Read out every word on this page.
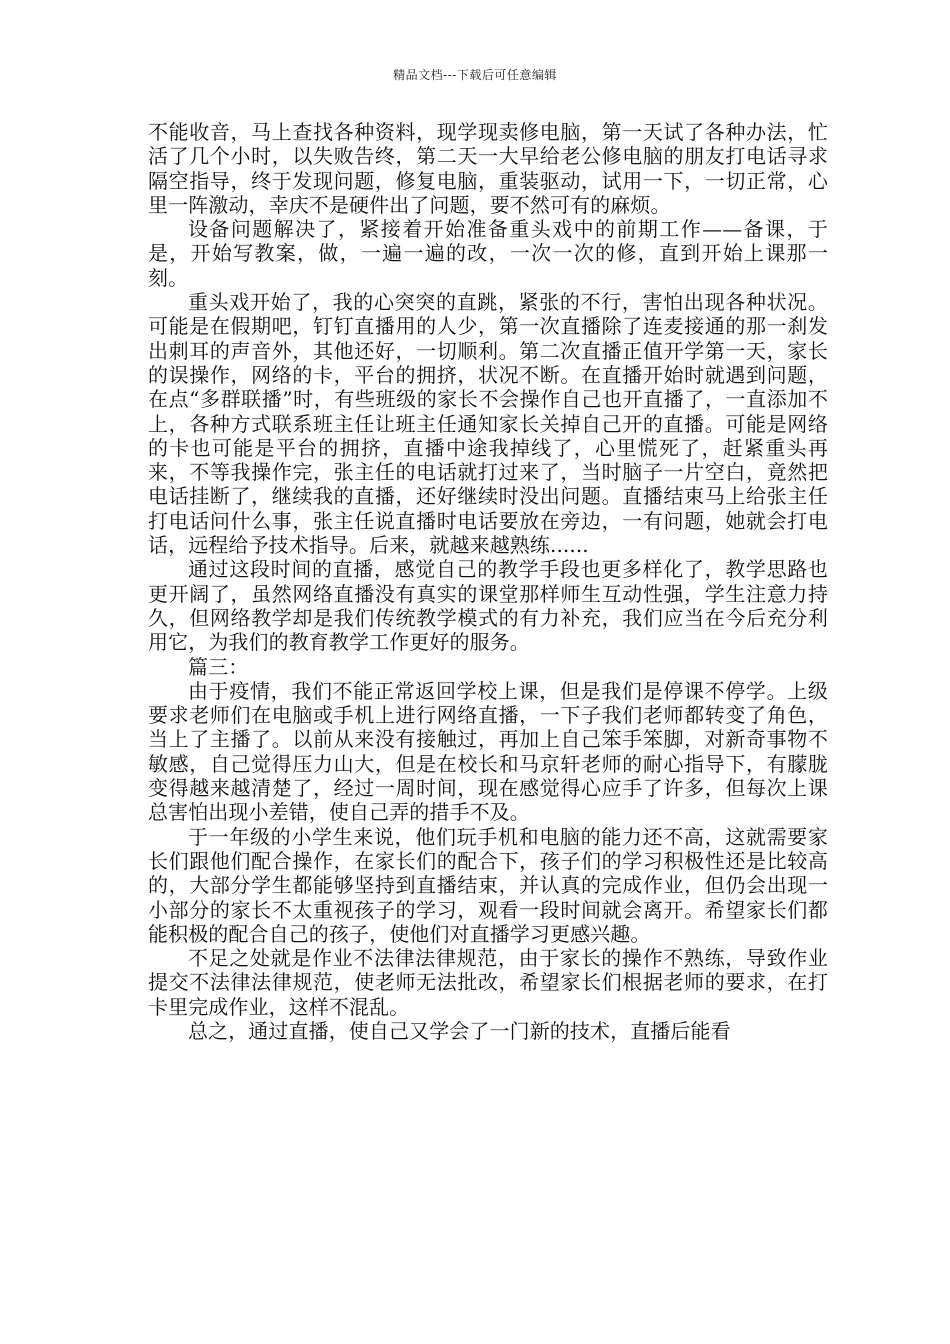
精品文档---下载后可任意编辑

不能收音，马上查找各种资料，现学现卖修电脑，第一天试了各种办法，忙活了几个小时，以失败告终，第二天一大早给老公修电脑的朋友打电话寻求隔空指导，终于发现问题，修复电脑，重装驱动，试用一下，一切正常，心里一阵激动，幸庆不是硬件出了问题，要不然可有的麻烦。

设备问题解决了，紧接着开始准备重头戏中的前期工作——备课，于是，开始写教案，做，一遍一遍的改，一次一次的修，直到开始上课那一刻。

重头戏开始了，我的心突突的直跳，紧张的不行，害怕出现各种状况。可能是在假期吧，钉钉直播用的人少，第一次直播除了连麦接通的那一刹发出刺耳的声音外，其他还好，一切顺利。第二次直播正值开学第一天，家长的误操作，网络的卡，平台的拥挤，状况不断。在直播开始时就遇到问题，在点“多群联播”时，有些班级的家长不会操作自己也开直播了，一直添加不上，各种方式联系班主任让班主任通知家长关掉自己开的直播。可能是网络的卡也可能是平台的拥挤，直播中途我掉线了，心里慌死了，赶紧重头再来，不等我操作完，张主任的电话就打过来了，当时脑子一片空白，竟然把电话挂断了，继续我的直播，还好继续时没出问题。直播结束马上给张主任打电话问什么事，张主任说直播时电话要放在旁边，一有问题，她就会打电话，远程给予技术指导。后来，就越来越熟练......

通过这段时间的直播，感觉自己的教学手段也更多样化了，教学思路也更开阔了，虽然网络直播没有真实的课堂那样师生互动性强，学生注意力持久，但网络教学却是我们传统教学模式的有力补充，我们应当在今后充分利用它，为我们的教育教学工作更好的服务。

篇三：

由于疫情，我们不能正常返回学校上课，但是我们是停课不停学。上级要求老师们在电脑或手机上进行网络直播，一下子我们老师都转变了角色，当上了主播了。以前从来没有接触过，再加上自己笨手笨脚，对新奇事物不敏感，自己觉得压力山大，但是在校长和马京轩老师的耐心指导下，有朦胧变得越来越清楚了，经过一周时间，现在感觉得心应手了许多，但每次上课总害怕出现小差错，使自己弄的措手不及。

于一年级的小学生来说，他们玩手机和电脑的能力还不高，这就需要家长们跟他们配合操作，在家长们的配合下，孩子们的学习积极性还是比较高的，大部分学生都能够坚持到直播结束，并认真的完成作业，但仍会出现一小部分的家长不太重视孩子的学习，观看一段时间就会离开。希望家长们都能积极的配合自己的孩子，使他们对直播学习更感兴趣。

不足之处就是作业不法律法律规范，由于家长的操作不熟练，导致作业提交不法律法律规范，使老师无法批改，希望家长们根据老师的要求，在打卡里完成作业，这样不混乱。

总之，通过直播，使自己又学会了一门新的技术，直播后能看
